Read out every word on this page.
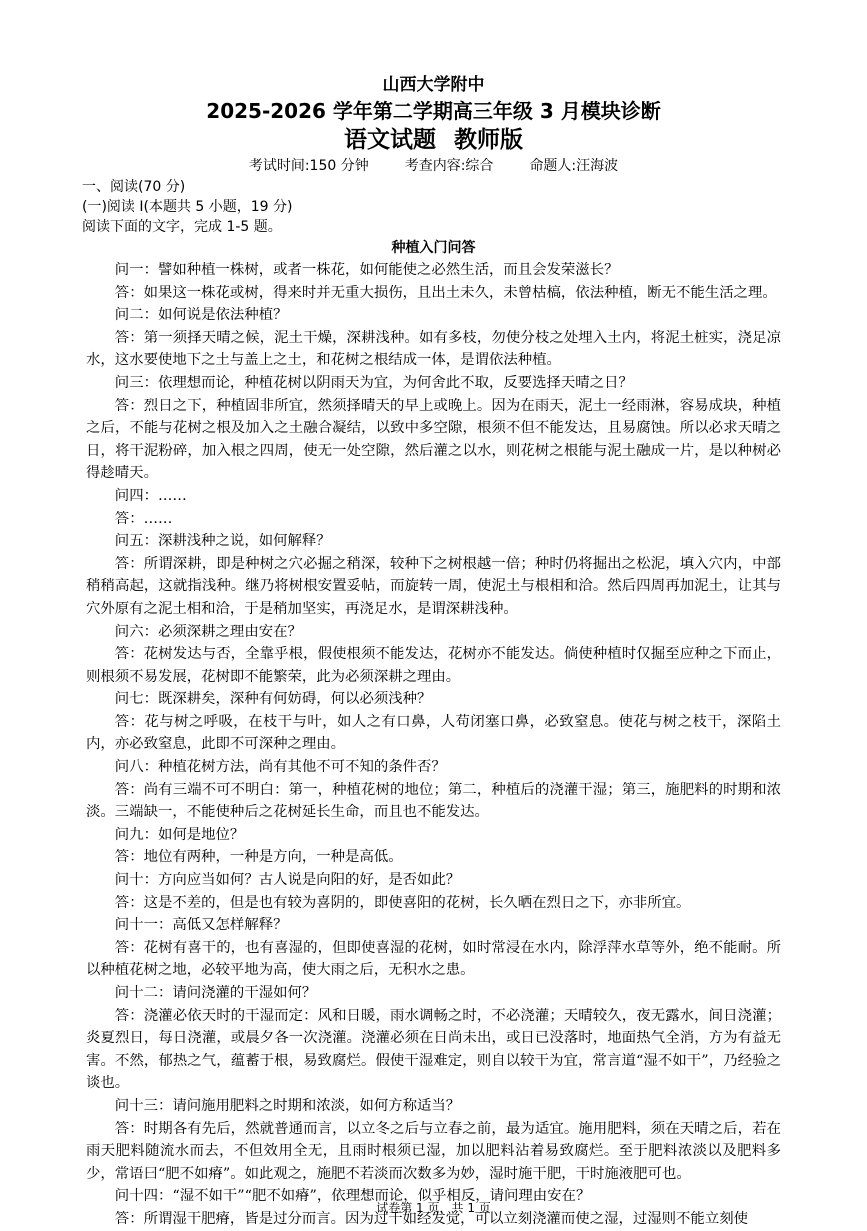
山西大学附中
2025-2026 学年第二学期高三年级 3 月模块诊断
语文试题 教师版
考试时间:150 分钟	考查内容:综合	命题人:汪海波
一、阅读(70 分)
(一)阅读 I(本题共 5 小题，19 分)
阅读下面的文字，完成 1-5 题。
种植入门问答
问一：譬如种植一株树，或者一株花，如何能使之必然生活，而且会发荣滋长？
答：如果这一株花或树，得来时并无重大损伤，且出土未久，未曾枯槁，依法种植，断无不能生活之理。
问二：如何说是依法种植？
答：第一须择天晴之候，泥土干燥，深耕浅种。如有多枝，勿使分枝之处埋入土内，将泥土桩实，浇足凉水，这水要使地下之土与盖上之土，和花树之根结成一体，是谓依法种植。
问三：依理想而论，种植花树以阴雨天为宜，为何舍此不取，反要选择天晴之日？
答：烈日之下，种植固非所宜，然须择晴天的早上或晚上。因为在雨天，泥土一经雨淋，容易成块，种植之后，不能与花树之根及加入之土融合凝结，以致中多空隙，根须不但不能发达，且易腐蚀。所以必求天晴之日，将干泥粉碎，加入根之四周，使无一处空隙，然后灌之以水，则花树之根能与泥土融成一片，是以种树必得趁晴天。
问四：……
答：……
问五：深耕浅种之说，如何解释？
答：所谓深耕，即是种树之穴必掘之稍深，较种下之树根越一倍；种时仍将掘出之松泥，填入穴内，中部稍稍高起，这就指浅种。继乃将树根安置妥帖，而旋转一周，使泥土与根相和洽。然后四周再加泥土，让其与穴外原有之泥土相和洽，于是稍加坚实，再浇足水，是谓深耕浅种。
问六：必须深耕之理由安在？
答：花树发达与否，全靠乎根，假使根须不能发达，花树亦不能发达。倘使种植时仅掘至应种之下而止，则根须不易发展，花树即不能繁荣，此为必须深耕之理由。
问七：既深耕矣，深种有何妨碍，何以必须浅种？
答：花与树之呼吸，在枝干与叶，如人之有口鼻，人苟闭塞口鼻，必致窒息。使花与树之枝干，深陷土内，亦必致窒息，此即不可深种之理由。
问八：种植花树方法，尚有其他不可不知的条件否？
答：尚有三端不可不明白：第一，种植花树的地位；第二，种植后的浇灌干湿；第三，施肥料的时期和浓淡。三端缺一，不能使种后之花树延长生命，而且也不能发达。
问九：如何是地位？
答：地位有两种，一种是方向，一种是高低。
问十：方向应当如何？古人说是向阳的好，是否如此？
答：这是不差的，但是也有较为喜阴的，即使喜阳的花树，长久晒在烈日之下，亦非所宜。
问十一：高低又怎样解释？
答：花树有喜干的，也有喜湿的，但即使喜湿的花树，如时常浸在水内，除浮萍水草等外，绝不能耐。所以种植花树之地，必较平地为高，使大雨之后，无积水之患。
问十二：请问浇灌的干湿如何？
答：浇灌必依天时的干湿而定：风和日暖，雨水调畅之时，不必浇灌；天晴较久，夜无露水，间日浇灌；炎夏烈日，每日浇灌，或晨夕各一次浇灌。浇灌必须在日尚未出，或日已没落时，地面热气全消，方为有益无害。不然，郁热之气，蕴蓄于根，易致腐烂。假使干湿难定，则自以较干为宜，常言道“湿不如干”，乃经验之谈也。
问十三：请问施用肥料之时期和浓淡，如何方称适当？
答：时期各有先后，然就普通而言，以立冬之后与立春之前，最为适宜。施用肥料，须在天晴之后，若在雨天肥料随流水而去，不但效用全无，且雨时根须已湿，加以肥料沾着易致腐烂。至于肥料浓淡以及肥料多少，常语曰“肥不如瘠”。如此观之，施肥不若淡而次数多为妙，湿时施干肥，干时施液肥可也。
问十四：“湿不如干”“肥不如瘠”，依理想而论，似乎相反，请问理由安在？
答：所谓湿干肥瘠，皆是过分而言。因为过干如经发觉，可以立刻浇灌而使之湿，过湿则不能立刻使
试卷第 1 页，共 1 页
